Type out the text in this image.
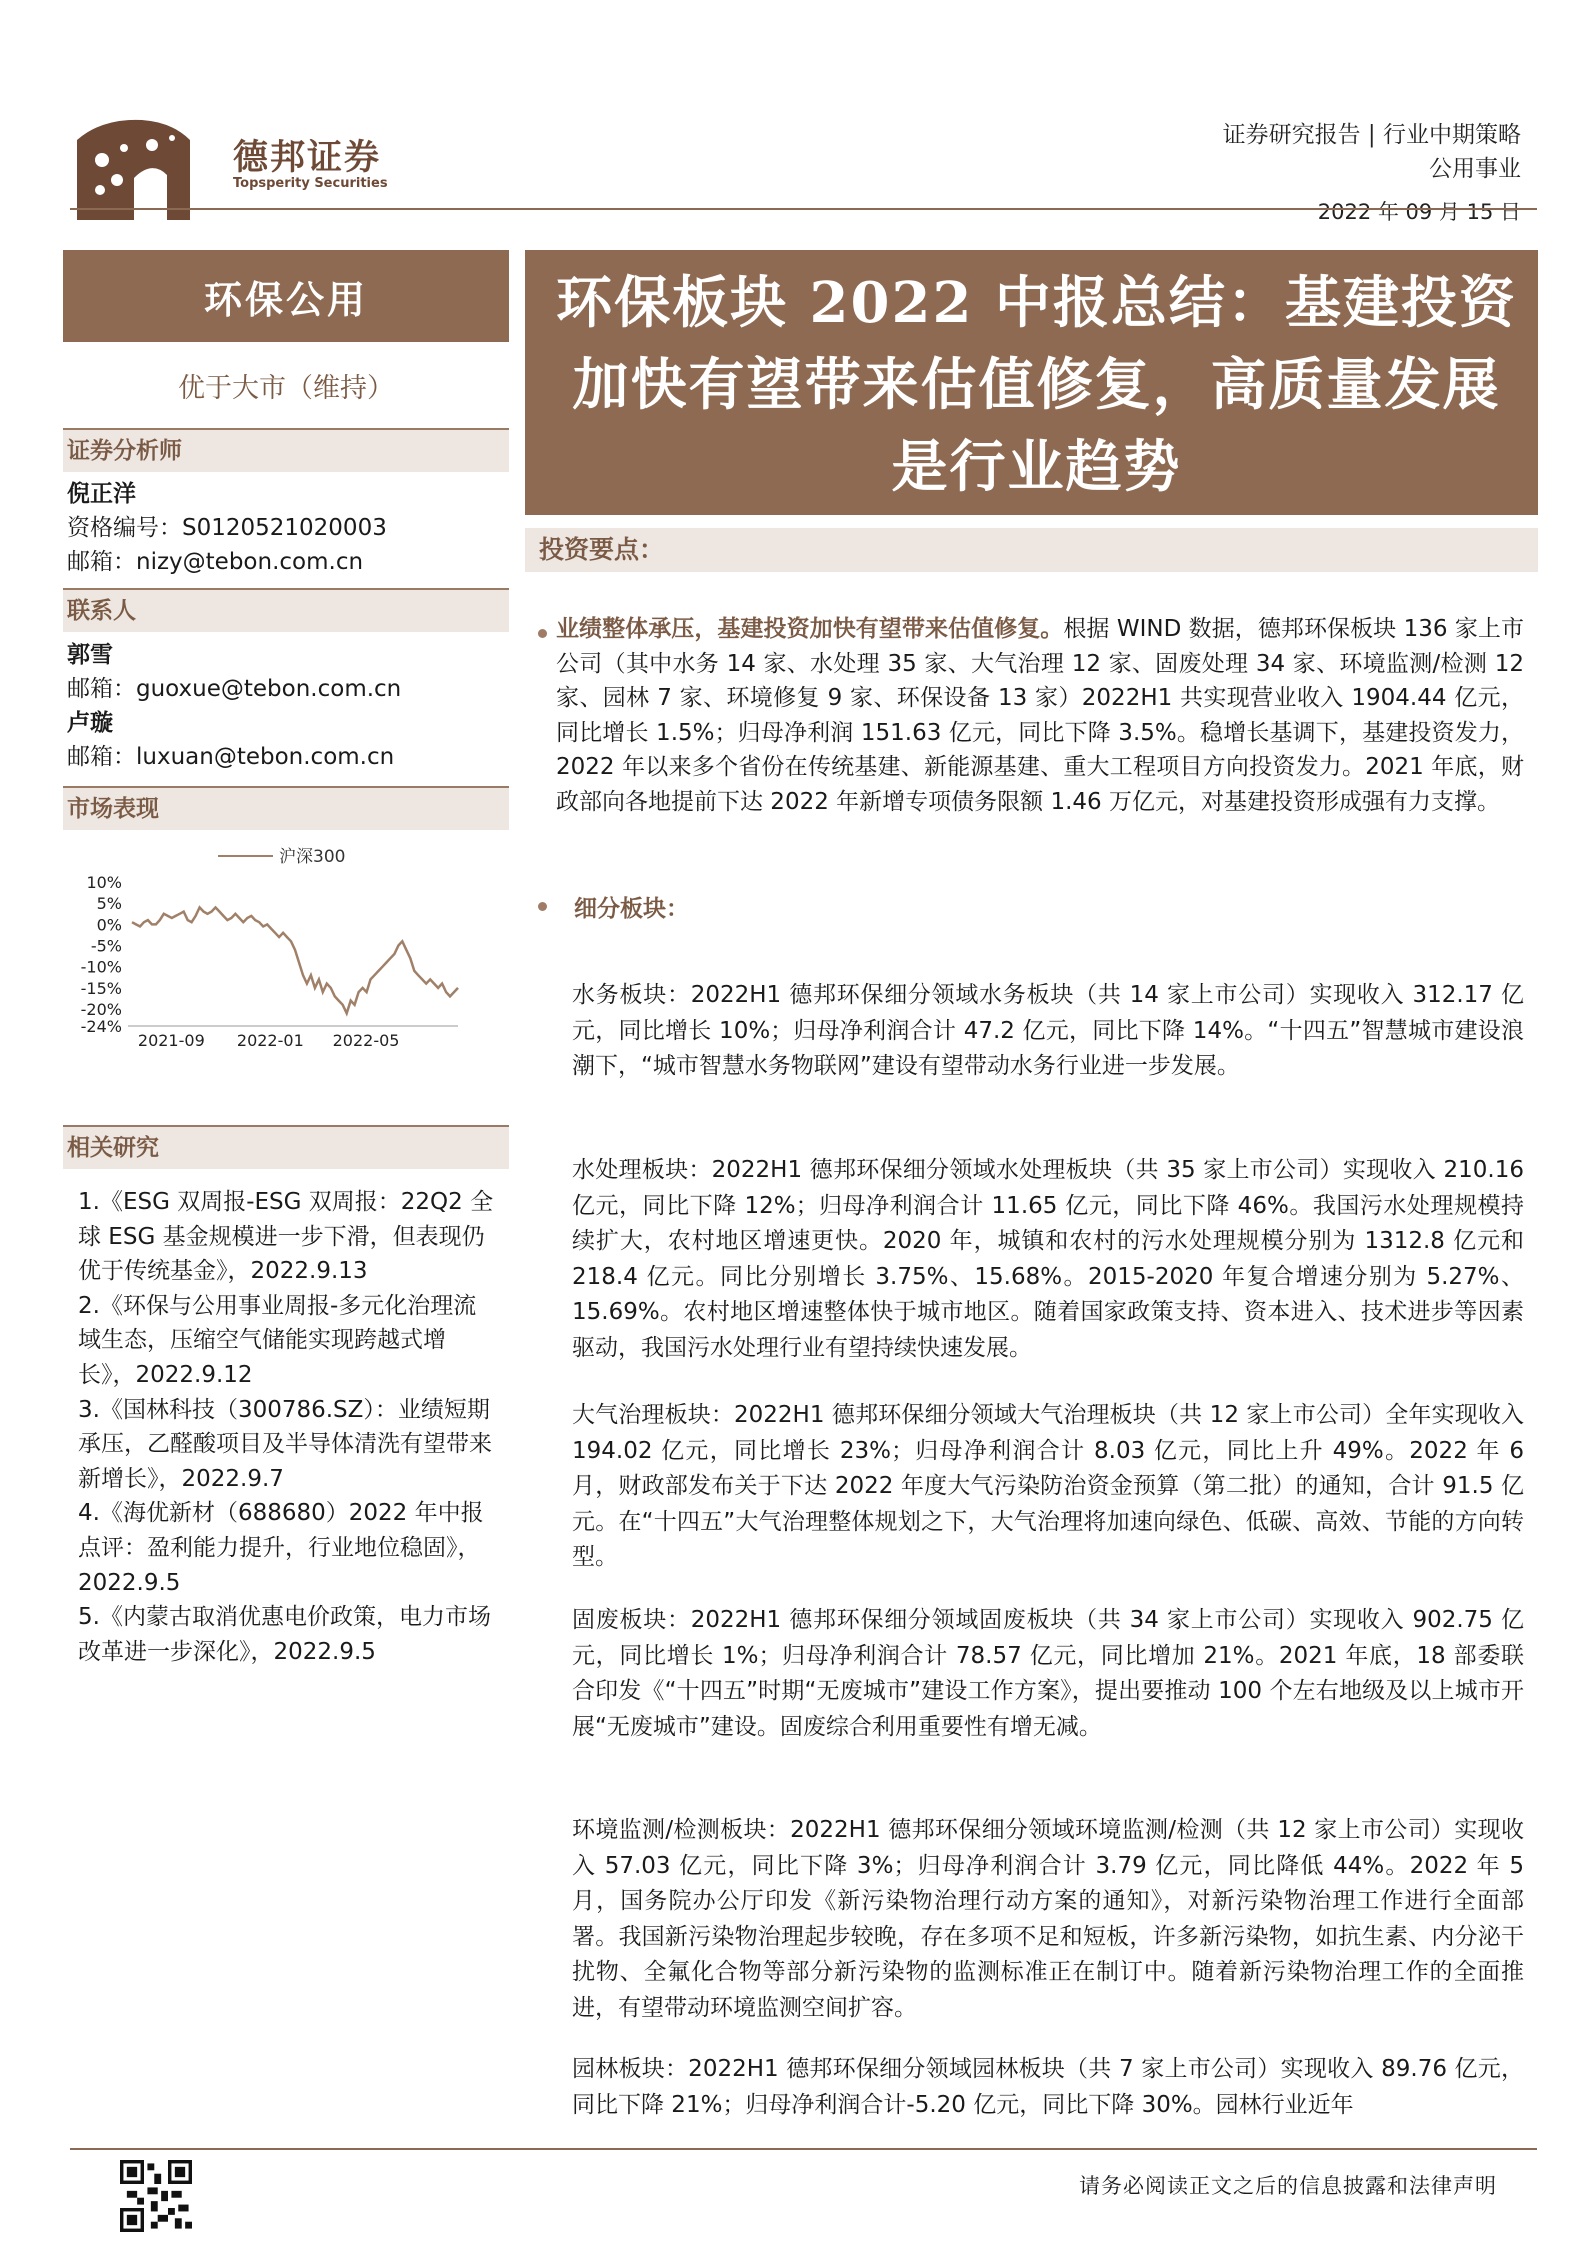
德邦证券
Topsperity Securities
证券研究报告 | 行业中期策略
公用事业
2022 年 09 月 15 日
环保公用
优于大市（维持）
证券分析师
倪正洋
资格编号：S0120521020003
邮箱：nizy@tebon.com.cn
联系人
郭雪
邮箱：guoxue@tebon.com.cn
卢璇
邮箱：luxuan@tebon.com.cn
市场表现
沪深300
10%
5%
0%
-5%
-10%
-15%
-20%
-24%
2021-09 2022-01 2022-05
相关研究
1.《ESG 双周报-ESG 双周报：22Q2 全球 ESG 基金规模进一步下滑，但表现仍优于传统基金》，2022.9.13
2.《环保与公用事业周报-多元化治理流域生态，压缩空气储能实现跨越式增长》，2022.9.12
3.《国林科技（300786.SZ）：业绩短期承压，乙醛酸项目及半导体清洗有望带来新增长》，2022.9.7
4.《海优新材（688680）2022 年中报点评：盈利能力提升，行业地位稳固》，2022.9.5
5.《内蒙古取消优惠电价政策，电力市场改革进一步深化》，2022.9.5
环保板块 2022 中报总结：基建投资加快有望带来估值修复，高质量发展是行业趋势
投资要点：
业绩整体承压，基建投资加快有望带来估值修复。根据 WIND 数据，德邦环保板块 136 家上市公司（其中水务 14 家、水处理 35 家、大气治理 12 家、固废处理 34 家、环境监测/检测 12 家、园林 7 家、环境修复 9 家、环保设备 13 家）2022H1 共实现营业收入 1904.44 亿元，同比增长 1.5%；归母净利润 151.63 亿元，同比下降 3.5%。稳增长基调下，基建投资发力，2022 年以来多个省份在传统基建、新能源基建、重大工程项目方向投资发力。2021 年底，财政部向各地提前下达 2022 年新增专项债务限额 1.46 万亿元，对基建投资形成强有力支撑。
细分板块：
水务板块：2022H1 德邦环保细分领域水务板块（共 14 家上市公司）实现收入 312.17 亿元，同比增长 10%；归母净利润合计 47.2 亿元，同比下降 14%。“十四五”智慧城市建设浪潮下，“城市智慧水务物联网”建设有望带动水务行业进一步发展。
水处理板块：2022H1 德邦环保细分领域水处理板块（共 35 家上市公司）实现收入 210.16 亿元，同比下降 12%；归母净利润合计 11.65 亿元，同比下降 46%。我国污水处理规模持续扩大，农村地区增速更快。2020 年，城镇和农村的污水处理规模分别为 1312.8 亿元和 218.4 亿元。同比分别增长 3.75%、15.68%。2015-2020 年复合增速分别为 5.27%、15.69%。农村地区增速整体快于城市地区。随着国家政策支持、资本进入、技术进步等因素驱动，我国污水处理行业有望持续快速发展。
大气治理板块：2022H1 德邦环保细分领域大气治理板块（共 12 家上市公司）全年实现收入 194.02 亿元，同比增长 23%；归母净利润合计 8.03 亿元，同比上升 49%。2022 年 6 月，财政部发布关于下达 2022 年度大气污染防治资金预算（第二批）的通知，合计 91.5 亿元。在“十四五”大气治理整体规划之下，大气治理将加速向绿色、低碳、高效、节能的方向转型。
固废板块：2022H1 德邦环保细分领域固废板块（共 34 家上市公司）实现收入 902.75 亿元，同比增长 1%；归母净利润合计 78.57 亿元，同比增加 21%。2021 年底，18 部委联合印发《“十四五”时期“无废城市”建设工作方案》，提出要推动 100 个左右地级及以上城市开展“无废城市”建设。固废综合利用重要性有增无减。
环境监测/检测板块：2022H1 德邦环保细分领域环境监测/检测（共 12 家上市公司）实现收入 57.03 亿元，同比下降 3%；归母净利润合计 3.79 亿元，同比降低 44%。2022 年 5 月，国务院办公厅印发《新污染物治理行动方案的通知》，对新污染物治理工作进行全面部署。我国新污染物治理起步较晚，存在多项不足和短板，许多新污染物，如抗生素、内分泌干扰物、全氟化合物等部分新污染物的监测标准正在制订中。随着新污染物治理工作的全面推进，有望带动环境监测空间扩容。
园林板块：2022H1 德邦环保细分领域园林板块（共 7 家上市公司）实现收入 89.76 亿元，同比下降 21%；归母净利润合计-5.20 亿元，同比下降 30%。园林行业近年
请务必阅读正文之后的信息披露和法律声明
